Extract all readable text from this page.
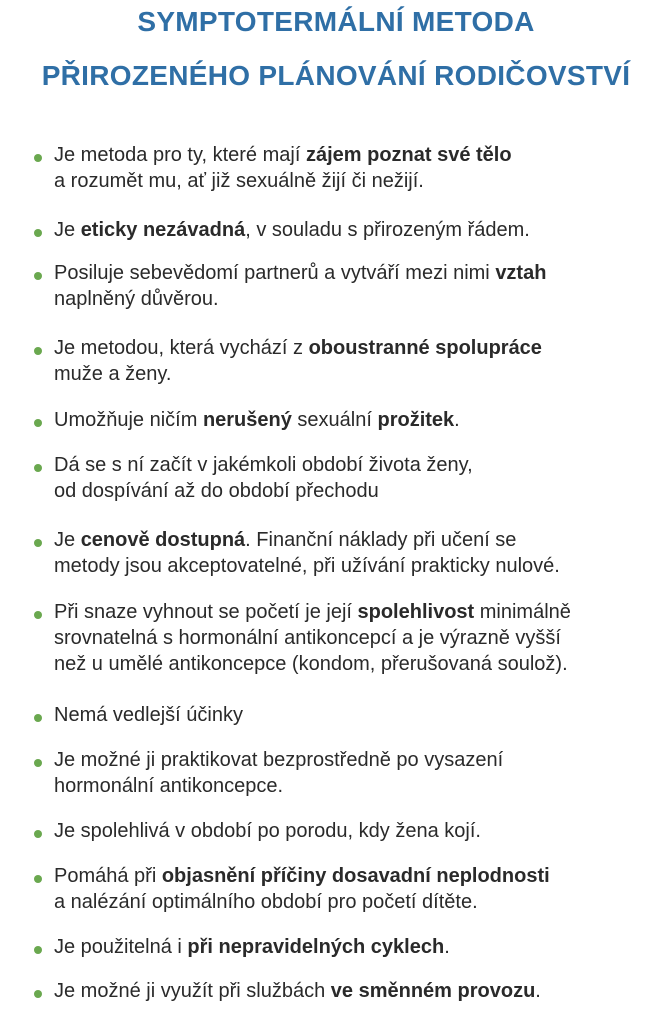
SYMPTOTERMÁLNÍ METODA
PŘIROZENÉHO PLÁNOVÁNÍ RODIČOVSTVÍ
Je metoda pro ty, které mají zájem poznat své tělo
a rozumět mu, ať již sexuálně žijí či nežijí.
Je eticky nezávadná, v souladu s přirozeným řádem.
Posiluje sebevědomí partnerů a vytváří mezi nimi vztah
naplněný důvěrou.
Je metodou, která vychází z oboustranné spolupráce
muže a ženy.
Umožňuje ničím nerušený sexuální prožitek.
Dá se s ní začít v jakémkoli období života ženy,
od dospívání až do období přechodu
Je cenově dostupná. Finanční náklady při učení se
metody jsou akceptovatelné, při užívání prakticky nulové.
Při snaze vyhnout se početí je její spolehlivost minimálně
srovnatelná s hormonální antikoncepcí a je výrazně vyšší
než u umělé antikoncepce (kondom, přerušovaná soulož).
Nemá vedlejší účinky
Je možné ji praktikovat bezprostředně po vysazení
hormonální antikoncepce.
Je spolehlivá v období po porodu, kdy žena kojí.
Pomáhá při objasnění příčiny dosavadní neplodnosti
a nalézání optimálního období pro početí dítěte.
Je použitelná i při nepravidelných cyklech.
Je možné ji využít při službách ve směnném provozu.
